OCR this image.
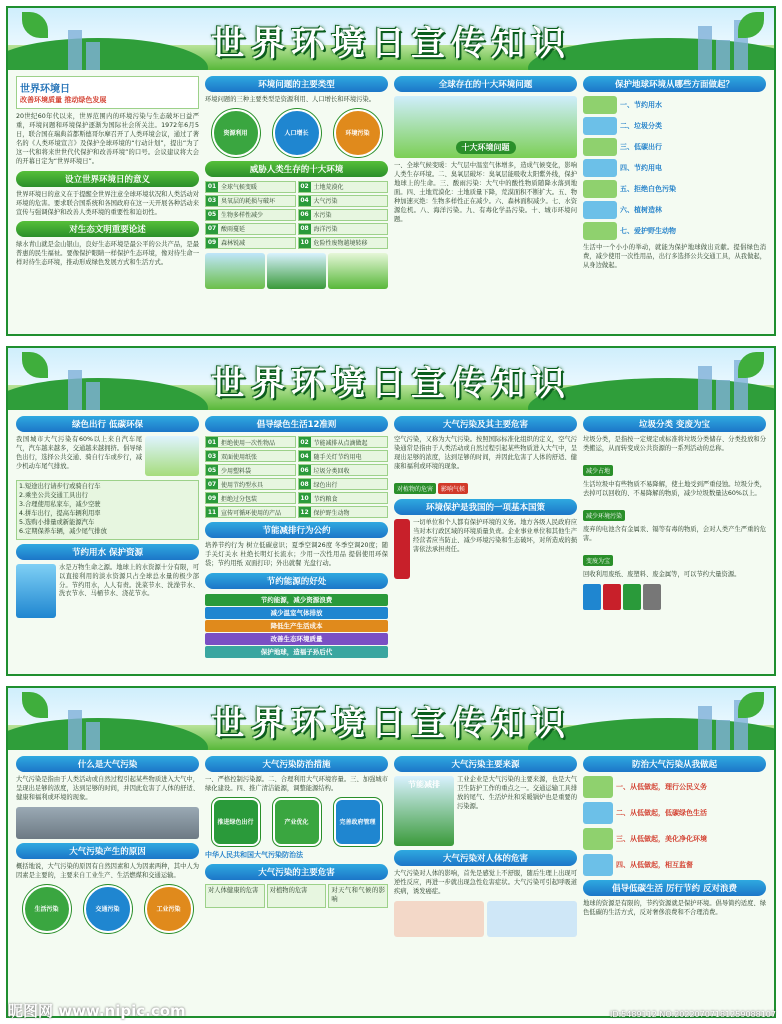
世界环境日宣传知识
世界环境日
改善环境质量 推动绿色发展
20世纪60年代以来，世界范围内的环境污染与生态破坏日益严重，环境问题和环境保护逐渐为国际社会所关注。1972年6月5日，联合国在瑞典首都斯德哥尔摩召开了人类环境会议，通过了著名的《人类环境宣言》及保护全球环境的“行动计划”，提出“为了这一代和将来世世代代保护和改善环境”的口号。会议建议将大会的开幕日定为“世界环境日”。
设立世界环境日的意义
世界环境日的意义在于提醒全世界注意全球环境状况和人类活动对环境的危害。要求联合国系统和各国政府在这一天开展各种活动来宣传与强调保护和改善人类环境的重要性和迫切性。
对生态文明重要论述
绿水青山就是金山银山，良好生态环境是最公平的公共产品，是最普惠的民生福祉。要像保护眼睛一样保护生态环境，像对待生命一样对待生态环境，推动形成绿色发展方式和生活方式。
环境问题的主要类型
环境问题的三种主要类型是资源利用、人口增长和环境污染。
资源利用	人口增长	环境污染
威胁人类生存的十大环境
01 全球气候变暖	02 土地荒漠化
03 臭氧层的耗损与破坏	04 大气污染
05 生物多样性减少	06 水污染
07 酸雨蔓延	08 海洋污染
09 森林锐减	10 危险性废物越境转移
全球存在的十大环境问题
十大环境问题
一、全球气候变暖：大气层中温室气体增多，造成气候变化，影响人类生存环境。二、臭氧层破坏：臭氧层能吸收太阳紫外线，保护地球上的生命。三、酸雨污染：大气中的酸性物质随降水落到地面。四、土地荒漠化：土地质量下降，荒漠面积不断扩大。五、物种加速灭绝：生物多样性正在减少。六、森林面积减少。七、水资源危机。八、海洋污染。九、有毒化学品污染。十、城市环境问题。
保护地球环境从哪些方面做起？
一、节约用水
二、垃圾分类
三、低碳出行
四、节约用电
五、拒绝白色污染
六、植树造林
七、爱护野生动物
生活中一个小小的举动，就能为保护地球做出贡献。提倡绿色消费，减少使用一次性用品，出行多选择公共交通工具，从我做起，从身边做起。
世界环境日宣传知识
绿色出行 低碳环保
我国城市大气污染有60%以上来自汽车尾气，汽车越来越多，交通越来越拥挤。倡导绿色出行，选择公共交通、骑自行车或步行，减少机动车尾气排放。
1.短途出行请步行或骑自行车
2.乘坐公共交通工具出行
3.合理使用私家车，减少空驶
4.拼车出行，提高车辆利用率
5.选购小排量或新能源汽车
6.定期保养车辆，减少尾气排放
节约用水 保护资源
水是万物生命之源。地球上的水资源十分有限，可以直接利用的淡水资源只占全球总水量的极少部分。节约用水，人人有责。洗菜节水、洗澡节水、洗衣节水、马桶节水、浇花节水。
倡导绿色生活12准则
01 拒绝使用一次性物品	02 节能减排从点滴做起
03 双面使用纸张	04 随手关灯节约用电
05 少用塑料袋	06 垃圾分类回收
07 使用节约型水具	08 绿色出行
09 拒绝过分包装	10 节约粮食
11 宣传可循环使用的产品	12 保护野生动物
节能减排行为公约
培养节约行为 树立低碳意识；夏季空调26度 冬季空调20度；随手关灯关水 杜绝长明灯长流水；少用一次性用品 提倡使用环保袋；节约用纸 双面打印；外出就餐 光盘行动。
节约能源的好处
节约能源，减少资源浪费
减少温室气体排放
降低生产生活成本
改善生态环境质量
保护地球，造福子孙后代
大气污染及其主要危害
空气污染，又称为大气污染。按照国际标准化组织的定义，空气污染通常是指由于人类活动或自然过程引起某些物质进入大气中，呈现出足够的浓度，达到足够的时间，并因此危害了人体的舒适、健康和福利或环境的现象。
对植物的危害 影响气候
环境保护是我国的一项基本国策
一切单位和个人都有保护环境的义务。地方各级人民政府应当对本行政区域的环境质量负责。企业事业单位和其他生产经营者应当防止、减少环境污染和生态破坏，对所造成的损害依法承担责任。
垃圾分类 变废为宝
垃圾分类，是指按一定规定或标准将垃圾分类储存、分类投放和分类搬运，从而转变成公共资源的一系列活动的总称。
减少占地
生活垃圾中有些物质不易降解，使土地受到严重侵蚀。垃圾分类，去掉可以回收的、不易降解的物质，减少垃圾数量达60%以上。
减少环境污染
废弃的电池含有金属汞、镉等有毒的物质，会对人类产生严重的危害。
变废为宝
回收利用废纸、废塑料、废金属等，可以节约大量资源。
世界环境日宣传知识
什么是大气污染
大气污染是指由于人类活动或自然过程引起某些物质进入大气中，呈现出足够的浓度，达到足够的时间，并因此危害了人体的舒适、健康和福利或环境的现象。
大气污染产生的原因
概括地说，大气污染的原因有自然因素和人为因素两种，其中人为因素是主要的，主要来自工业生产、生活燃煤和交通运输。
生活污染	交通污染	工业污染
大气污染防治措施
一、严格控制污染源。二、合理利用大气环境容量。三、加强城市绿化建设。四、推广清洁能源，调整能源结构。
推进绿色出行	产业优化	完善政府管理
中华人民共和国大气污染防治法
大气污染的主要危害
对人体健康的危害	对植物的危害	对天气和气候的影响
大气污染主要来源
节能减排
工业企业是大气污染的主要来源，也是大气卫生防护工作的重点之一。交通运输工具排放的尾气、生活炉灶和采暖锅炉也是重要的污染源。
大气污染对人体的危害
大气污染对人体的影响，首先是感觉上不舒服，随后生理上出现可逆性反应，再进一步就出现急性危害症状。大气污染可引起呼吸道疾病，诱发癌症。
防治大气污染从我做起
一、从低做起，理行公民义务
二、从低做起，低碳绿色生活
三、从低做起，美化净化环境
四、从低做起，相互监督
倡导低碳生活 厉行节约 反对浪费
地球的资源是有限的，节约资源就是保护环境。倡导简约适度、绿色低碳的生活方式，反对奢侈浪费和不合理消费。
昵图网 www.nipic.com	ID:5489112 NO:20220707181259088107
